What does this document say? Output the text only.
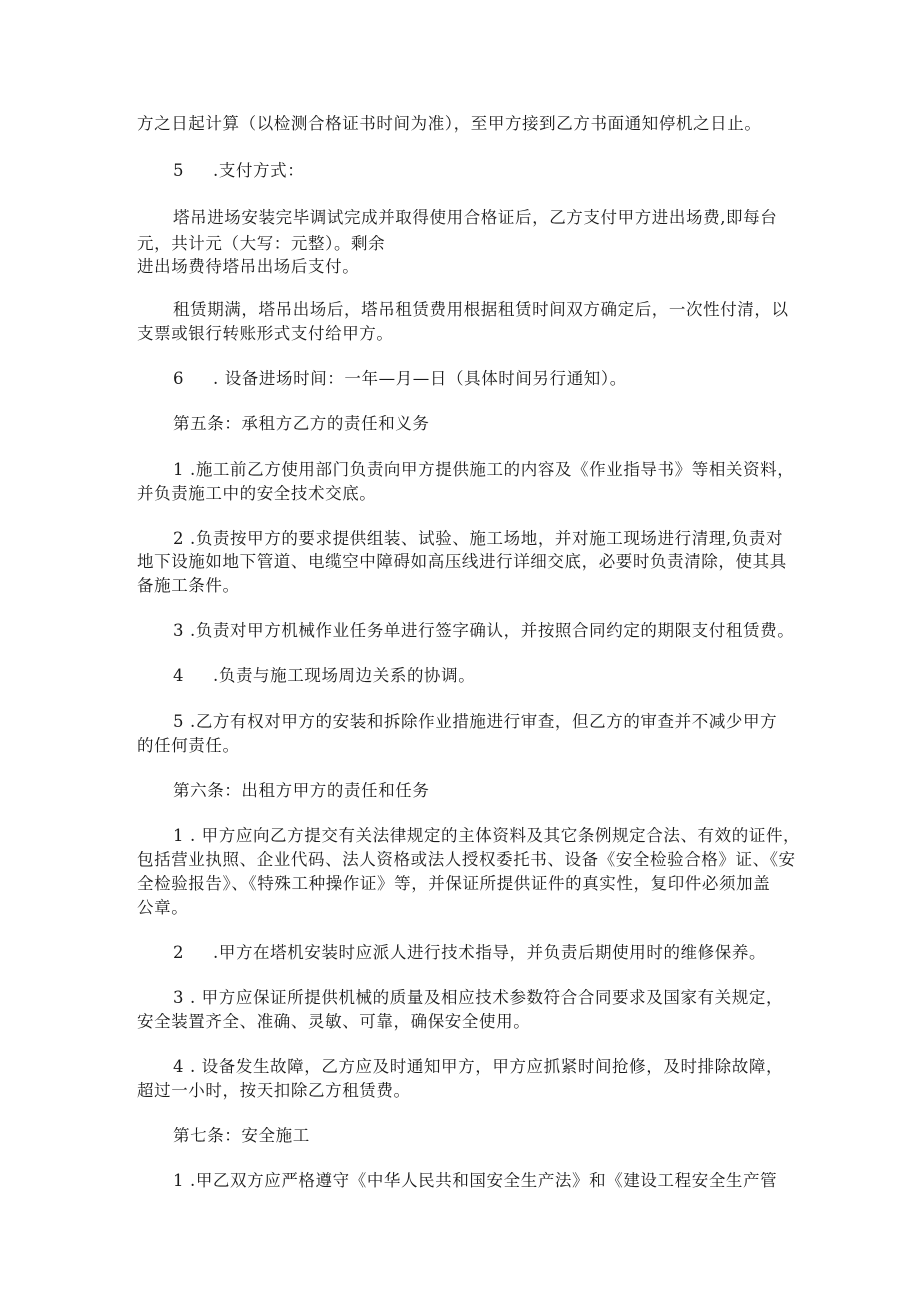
方之日起计算（以检测合格证书时间为准），至甲方接到乙方书面通知停机之日止。
5 .支付方式：
塔吊进场安装完毕调试完成并取得使用合格证后，乙方支付甲方进出场费,即每台
元，共计元（大写：元整）。剩余
进出场费待塔吊出场后支付。
租赁期满，塔吊出场后，塔吊租赁费用根据租赁时间双方确定后，一次性付清，以
支票或银行转账形式支付给甲方。
6 . 设备进场时间：一年—月—日（具体时间另行通知）。
第五条：承租方乙方的责任和义务
1 .施工前乙方使用部门负责向甲方提供施工的内容及《作业指导书》等相关资料，
并负责施工中的安全技术交底。
2 .负责按甲方的要求提供组装、试验、施工场地，并对施工现场进行清理,负责对
地下设施如地下管道、电缆空中障碍如高压线进行详细交底，必要时负责清除，使其具
备施工条件。
3 .负责对甲方机械作业任务单进行签字确认，并按照合同约定的期限支付租赁费。
4 .负责与施工现场周边关系的协调。
5 .乙方有权对甲方的安装和拆除作业措施进行审查，但乙方的审查并不减少甲方
的任何责任。
第六条：出租方甲方的责任和任务
1 . 甲方应向乙方提交有关法律规定的主体资料及其它条例规定合法、有效的证件，
包括营业执照、企业代码、法人资格或法人授权委托书、设备《安全检验合格》证、《安
全检验报告》、《特殊工种操作证》等，并保证所提供证件的真实性，复印件必须加盖
公章。
2 .甲方在塔机安装时应派人进行技术指导，并负责后期使用时的维修保养。
3 . 甲方应保证所提供机械的质量及相应技术参数符合合同要求及国家有关规定，
安全装置齐全、准确、灵敏、可靠，确保安全使用。
4 . 设备发生故障，乙方应及时通知甲方，甲方应抓紧时间抢修，及时排除故障，
超过一小时，按天扣除乙方租赁费。
第七条：安全施工
1 .甲乙双方应严格遵守《中华人民共和国安全生产法》和《建设工程安全生产管
